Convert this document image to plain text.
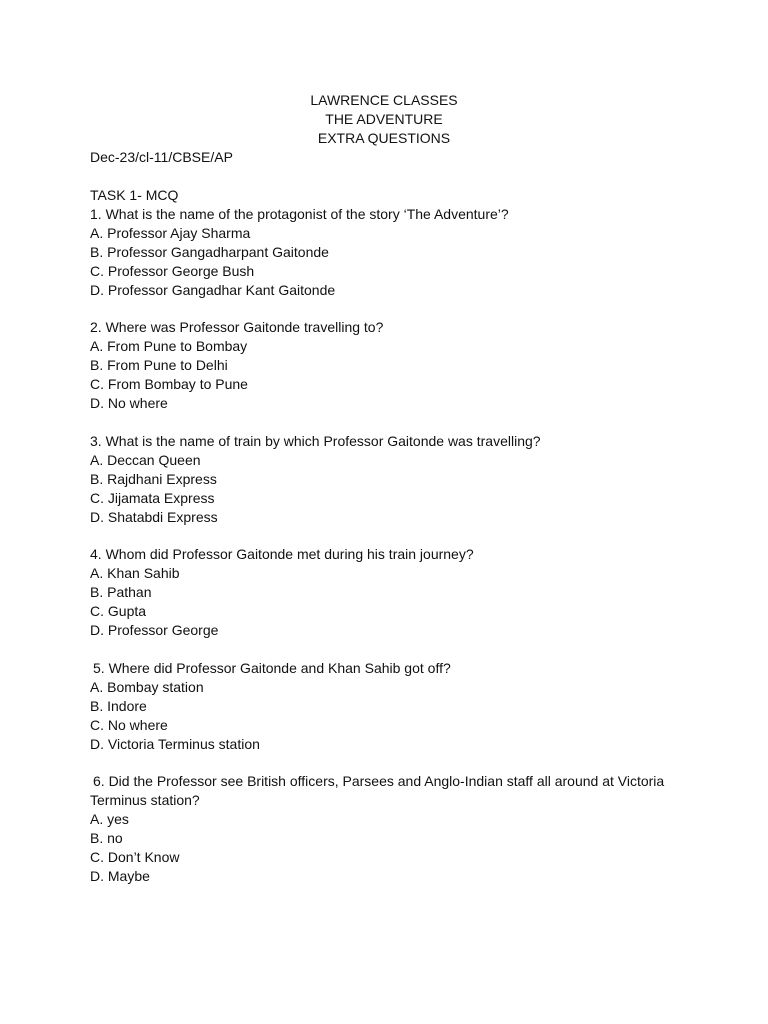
LAWRENCE CLASSES
THE ADVENTURE
EXTRA QUESTIONS
Dec-23/cl-11/CBSE/AP
TASK 1- MCQ
1. What is the name of the protagonist of the story ‘The Adventure’?
A. Professor Ajay Sharma
B. Professor Gangadharpant Gaitonde
C. Professor George Bush
D. Professor Gangadhar Kant Gaitonde
2. Where was Professor Gaitonde travelling to?
A. From Pune to Bombay
B. From Pune to Delhi
C. From Bombay to Pune
D. No where
3. What is the name of train by which Professor Gaitonde was travelling?
A. Deccan Queen
B. Rajdhani Express
C. Jijamata Express
D. Shatabdi Express
4. Whom did Professor Gaitonde met during his train journey?
A. Khan Sahib
B. Pathan
C. Gupta
D. Professor George
5. Where did Professor Gaitonde and Khan Sahib got off?
A. Bombay station
B. Indore
C. No where
D. Victoria Terminus station
6. Did the Professor see British officers, Parsees and Anglo-Indian staff all around at Victoria
Terminus station?
A. yes
B. no
C. Don’t Know
D. Maybe
